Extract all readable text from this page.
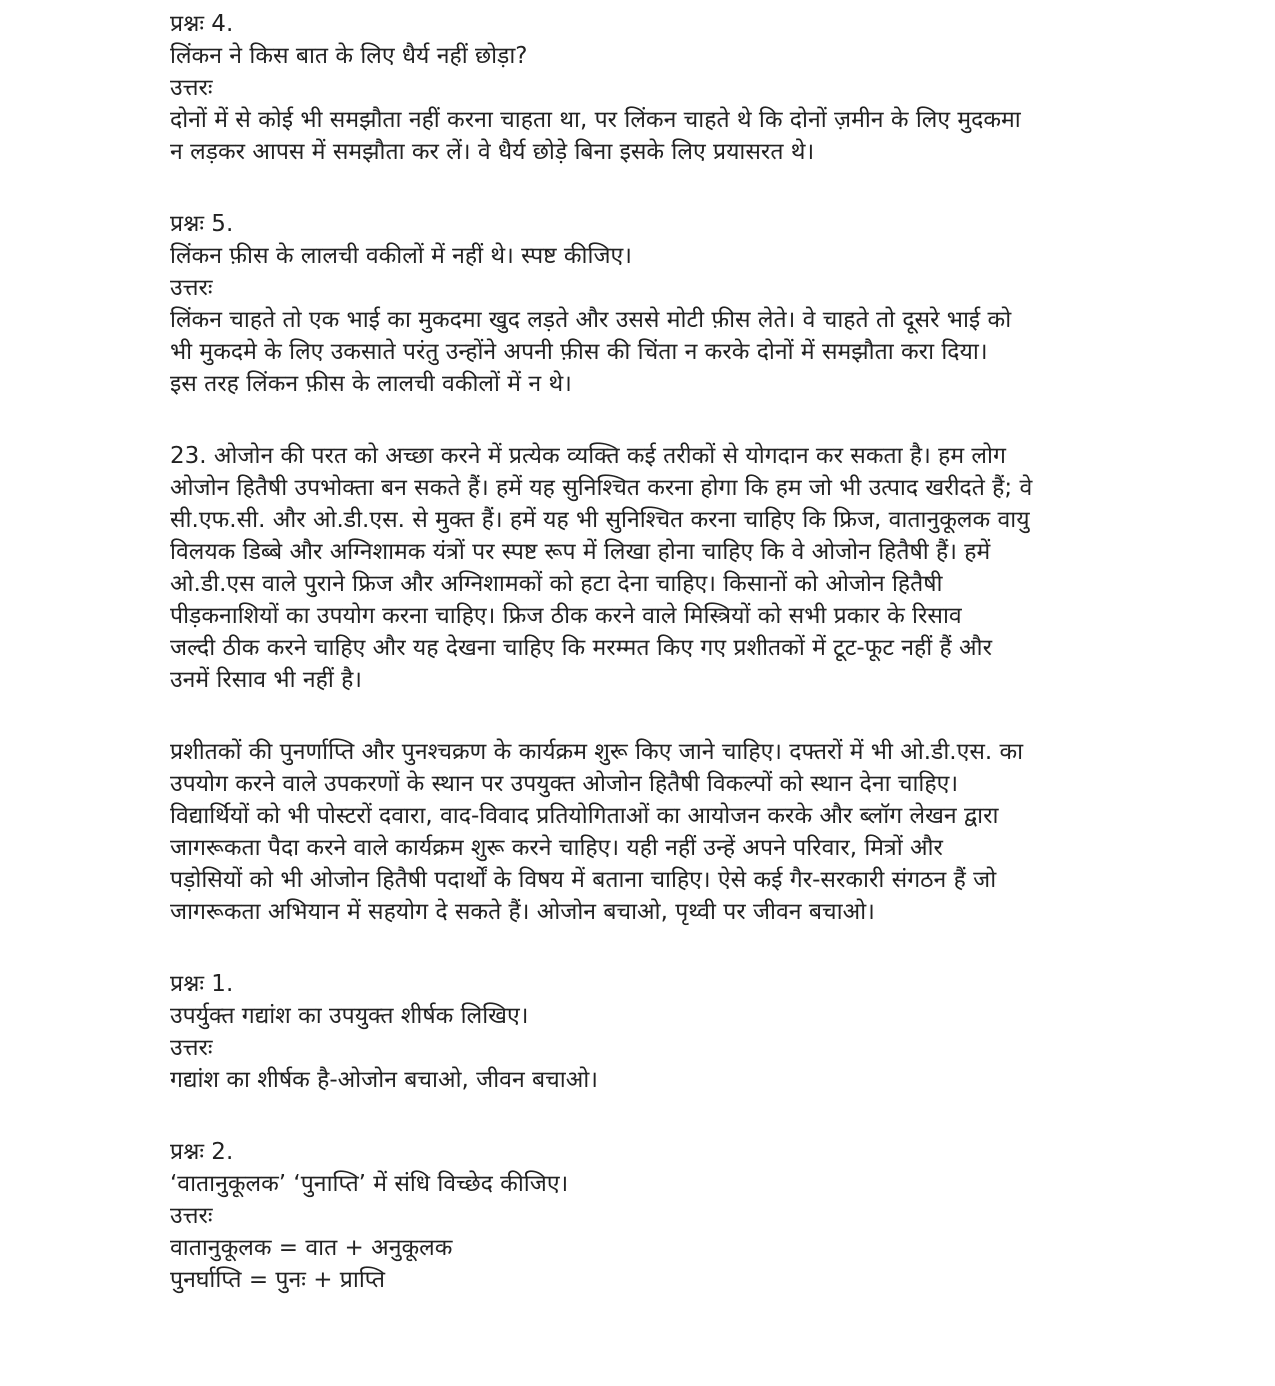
प्रश्नः 4.
लिंकन ने किस बात के लिए धैर्य नहीं छोड़ा?
उत्तरः
दोनों में से कोई भी समझौता नहीं करना चाहता था, पर लिंकन चाहते थे कि दोनों ज़मीन के लिए मुदकमा
न लड़कर आपस में समझौता कर लें। वे धैर्य छोड़े बिना इसके लिए प्रयासरत थे।
प्रश्नः 5.
लिंकन फ़ीस के लालची वकीलों में नहीं थे। स्पष्ट कीजिए।
उत्तरः
लिंकन चाहते तो एक भाई का मुकदमा खुद लड़ते और उससे मोटी फ़ीस लेते। वे चाहते तो दूसरे भाई को
भी मुकदमे के लिए उकसाते परंतु उन्होंने अपनी फ़ीस की चिंता न करके दोनों में समझौता करा दिया।
इस तरह लिंकन फ़ीस के लालची वकीलों में न थे।
23. ओजोन की परत को अच्छा करने में प्रत्येक व्यक्ति कई तरीकों से योगदान कर सकता है। हम लोग
ओजोन हितैषी उपभोक्ता बन सकते हैं। हमें यह सुनिश्चित करना होगा कि हम जो भी उत्पाद खरीदते हैं; वे
सी.एफ.सी. और ओ.डी.एस. से मुक्त हैं। हमें यह भी सुनिश्चित करना चाहिए कि फ्रिज, वातानुकूलक वायु
विलयक डिब्बे और अग्निशामक यंत्रों पर स्पष्ट रूप में लिखा होना चाहिए कि वे ओजोन हितैषी हैं। हमें
ओ.डी.एस वाले पुराने फ्रिज और अग्निशामकों को हटा देना चाहिए। किसानों को ओजोन हितैषी
पीड़कनाशियों का उपयोग करना चाहिए। फ्रिज ठीक करने वाले मिस्त्रियों को सभी प्रकार के रिसाव
जल्दी ठीक करने चाहिए और यह देखना चाहिए कि मरम्मत किए गए प्रशीतकों में टूट-फूट नहीं हैं और
उनमें रिसाव भी नहीं है।
प्रशीतकों की पुनर्णाप्ति और पुनश्चक्रण के कार्यक्रम शुरू किए जाने चाहिए। दफ्तरों में भी ओ.डी.एस. का
उपयोग करने वाले उपकरणों के स्थान पर उपयुक्त ओजोन हितैषी विकल्पों को स्थान देना चाहिए।
विद्यार्थियों को भी पोस्टरों दवारा, वाद-विवाद प्रतियोगिताओं का आयोजन करके और ब्लॉग लेखन द्वारा
जागरूकता पैदा करने वाले कार्यक्रम शुरू करने चाहिए। यही नहीं उन्हें अपने परिवार, मित्रों और
पड़ोसियों को भी ओजोन हितैषी पदार्थों के विषय में बताना चाहिए। ऐसे कई गैर-सरकारी संगठन हैं जो
जागरूकता अभियान में सहयोग दे सकते हैं। ओजोन बचाओ, पृथ्वी पर जीवन बचाओ।
प्रश्नः 1.
उपर्युक्त गद्यांश का उपयुक्त शीर्षक लिखिए।
उत्तरः
गद्यांश का शीर्षक है-ओजोन बचाओ, जीवन बचाओ।
प्रश्नः 2.
‘वातानुकूलक’ ‘पुनाप्ति’ में संधि विच्छेद कीजिए।
उत्तरः
वातानुकूलक = वात + अनुकूलक
पुनर्घाप्ति = पुनः + प्राप्ति
